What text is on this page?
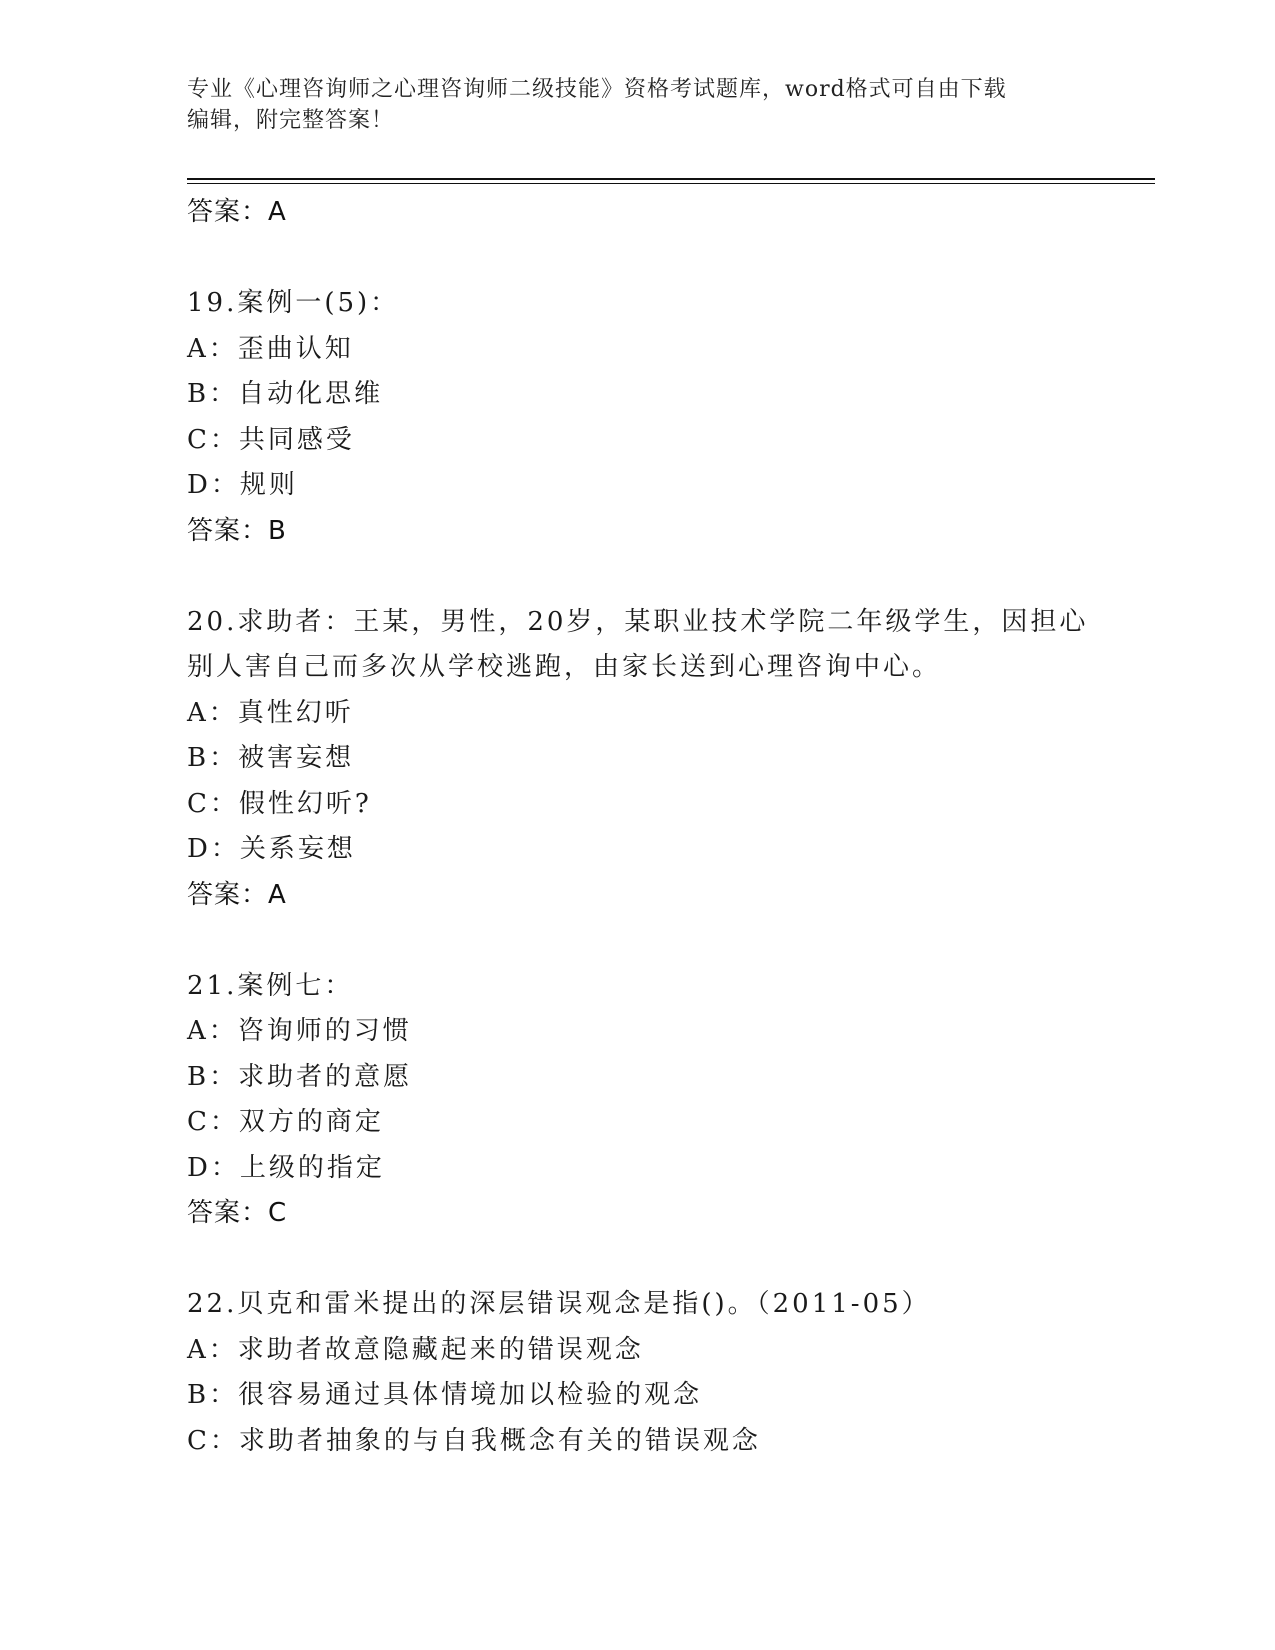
专业《心理咨询师之心理咨询师二级技能》资格考试题库，word格式可自由下载
编辑，附完整答案！
答案：A
19.案例一(5)：
A：歪曲认知
B：自动化思维
C：共同感受
D：规则
答案：B
20.求助者：王某，男性，20岁，某职业技术学院二年级学生，因担心
别人害自己而多次从学校逃跑，由家长送到心理咨询中心。
A：真性幻听
B：被害妄想
C：假性幻听?
D：关系妄想
答案：A
21.案例七：
A：咨询师的习惯
B：求助者的意愿
C：双方的商定
D：上级的指定
答案：C
22.贝克和雷米提出的深层错误观念是指()。（2011-05）
A：求助者故意隐藏起来的错误观念
B：很容易通过具体情境加以检验的观念
C：求助者抽象的与自我概念有关的错误观念
